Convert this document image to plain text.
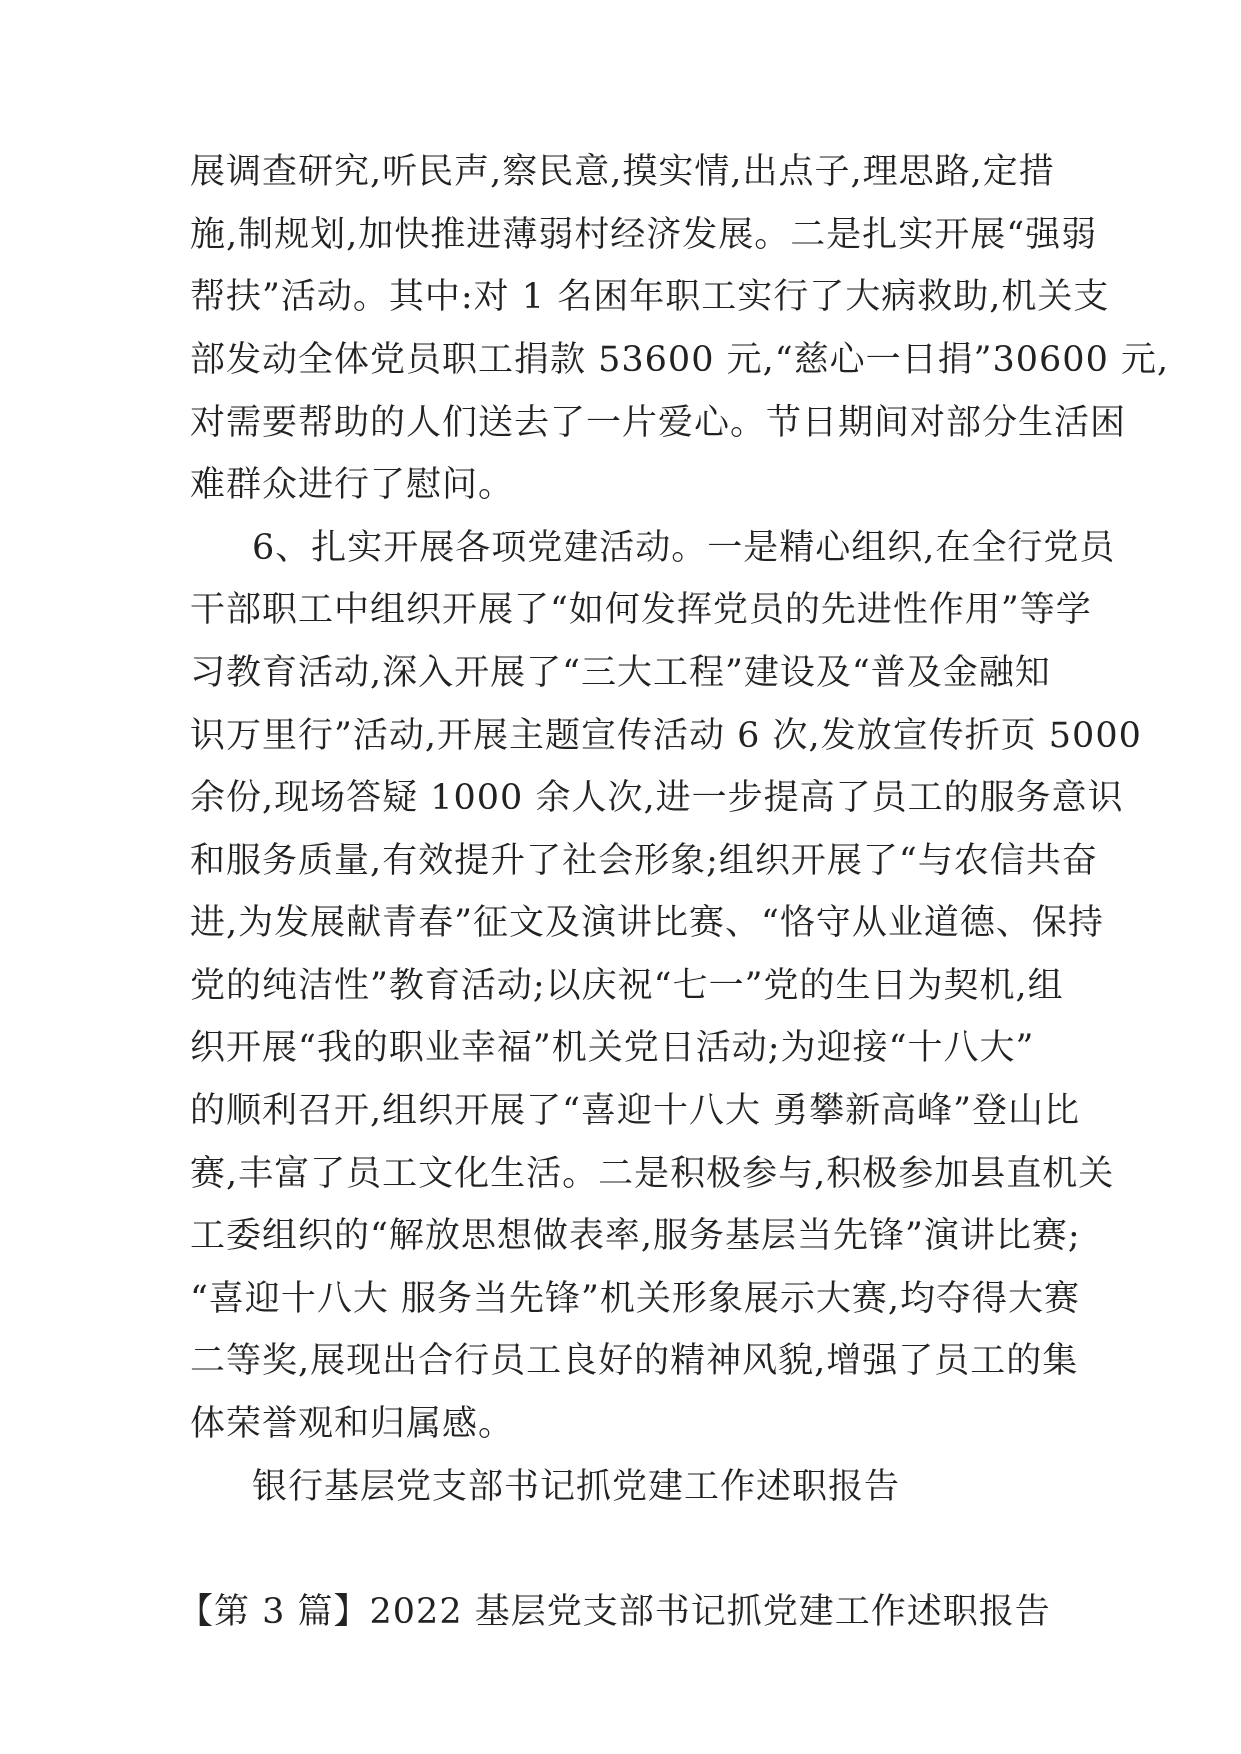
展调查研究,听民声,察民意,摸实情,出点子,理思路,定措
施,制规划,加快推进薄弱村经济发展。二是扎实开展“强弱
帮扶”活动。其中:对 1 名困年职工实行了大病救助,机关支
部发动全体党员职工捐款 53600 元,“慈心一日捐”30600 元,
对需要帮助的人们送去了一片爱心。节日期间对部分生活困
难群众进行了慰问。
6、扎实开展各项党建活动。一是精心组织,在全行党员
干部职工中组织开展了“如何发挥党员的先进性作用”等学
习教育活动,深入开展了“三大工程”建设及“普及金融知
识万里行”活动,开展主题宣传活动 6 次,发放宣传折页 5000
余份,现场答疑 1000 余人次,进一步提高了员工的服务意识
和服务质量,有效提升了社会形象;组织开展了“与农信共奋
进,为发展献青春”征文及演讲比赛、“恪守从业道德、保持
党的纯洁性”教育活动;以庆祝“七一”党的生日为契机,组
织开展“我的职业幸福”机关党日活动;为迎接“十八大”
的顺利召开,组织开展了“喜迎十八大 勇攀新高峰”登山比
赛,丰富了员工文化生活。二是积极参与,积极参加县直机关
工委组织的“解放思想做表率,服务基层当先锋”演讲比赛;
“喜迎十八大 服务当先锋”机关形象展示大赛,均夺得大赛
二等奖,展现出合行员工良好的精神风貌,增强了员工的集
体荣誉观和归属感。
银行基层党支部书记抓党建工作述职报告
【第 3 篇】2022 基层党支部书记抓党建工作述职报告
